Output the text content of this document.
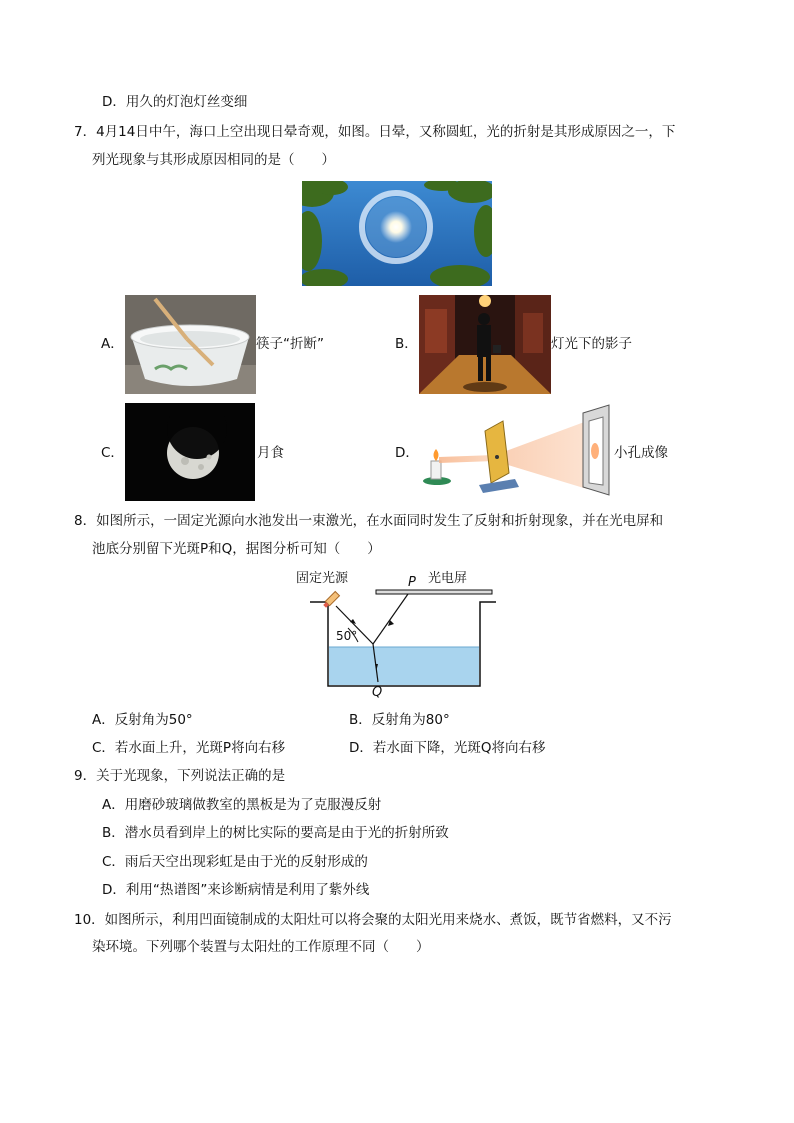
D．用久的灯泡灯丝变细
7．4月14日中午，海口上空出现日晕奇观，如图。日晕，又称圆虹，光的折射是其形成原因之一，下
列光现象与其形成原因相同的是（　　）
A．	筷子“折断”	B．	灯光下的影子
C．	月食	D．	小孔成像
8．如图所示，一固定光源向水池发出一束激光，在水面同时发生了反射和折射现象，并在光电屏和
池底分别留下光斑P和Q，据图分析可知（　　）
固定光源	光电屏
P
50°
Q
A．反射角为50°	B．反射角为80°
C．若水面上升，光斑P将向右移	D．若水面下降，光斑Q将向右移
9．关于光现象，下列说法正确的是
A．用磨砂玻璃做教室的黑板是为了克服漫反射
B．潜水员看到岸上的树比实际的要高是由于光的折射所致
C．雨后天空出现彩虹是由于光的反射形成的
D．利用“热谱图”来诊断病情是利用了紫外线
10．如图所示，利用凹面镜制成的太阳灶可以将会聚的太阳光用来烧水、煮饭，既节省燃料，又不污
染环境。下列哪个装置与太阳灶的工作原理不同（　　）
